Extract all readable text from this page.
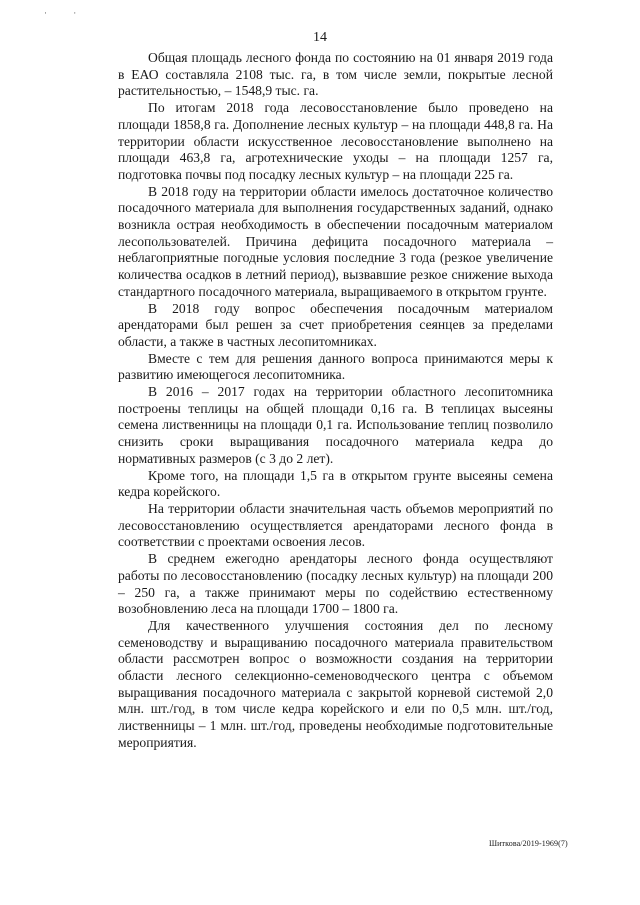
· ·
14

Общая площадь лесного фонда по состоянию на 01 января 2019 года в ЕАО составляла 2108 тыс. га, в том числе земли, покрытые лесной растительностью, – 1548,9 тыс. га.

По итогам 2018 года лесовосстановление было проведено на площади 1858,8 га. Дополнение лесных культур – на площади 448,8 га. На территории области искусственное лесовосстановление выполнено на площади 463,8 га, агротехнические уходы – на площади 1257 га, подготовка почвы под посадку лесных культур – на площади 225 га.

В 2018 году на территории области имелось достаточное количество посадочного материала для выполнения государственных заданий, однако возникла острая необходимость в обеспечении посадочным материалом лесопользователей. Причина дефицита посадочного материала – неблагоприятные погодные условия последние 3 года (резкое увеличение количества осадков в летний период), вызвавшие резкое снижение выхода стандартного посадочного материала, выращиваемого в открытом грунте.

В 2018 году вопрос обеспечения посадочным материалом арендаторами был решен за счет приобретения сеянцев за пределами области, а также в частных лесопитомниках.

Вместе с тем для решения данного вопроса принимаются меры к развитию имеющегося лесопитомника.

В 2016 – 2017 годах на территории областного лесопитомника построены теплицы на общей площади 0,16 га. В теплицах высеяны семена лиственницы на площади 0,1 га. Использование теплиц позволило снизить сроки выращивания посадочного материала кедра до нормативных размеров (с 3 до 2 лет).

Кроме того, на площади 1,5 га в открытом грунте высеяны семена кедра корейского.

На территории области значительная часть объемов мероприятий по лесовосстановлению осуществляется арендаторами лесного фонда в соответствии с проектами освоения лесов.

В среднем ежегодно арендаторы лесного фонда осуществляют работы по лесовосстановлению (посадку лесных культур) на площади 200 – 250 га, а также принимают меры по содействию естественному возобновлению леса на площади 1700 – 1800 га.

Для качественного улучшения состояния дел по лесному семеноводству и выращиванию посадочного материала правительством области рассмотрен вопрос о возможности создания на территории области лесного селекционно-семеноводческого центра с объемом выращивания посадочного материала с закрытой корневой системой 2,0 млн. шт./год, в том числе кедра корейского и ели по 0,5 млн. шт./год, лиственницы – 1 млн. шт./год, проведены необходимые подготовительные мероприятия.

Шиткова/2019-1969(7)
